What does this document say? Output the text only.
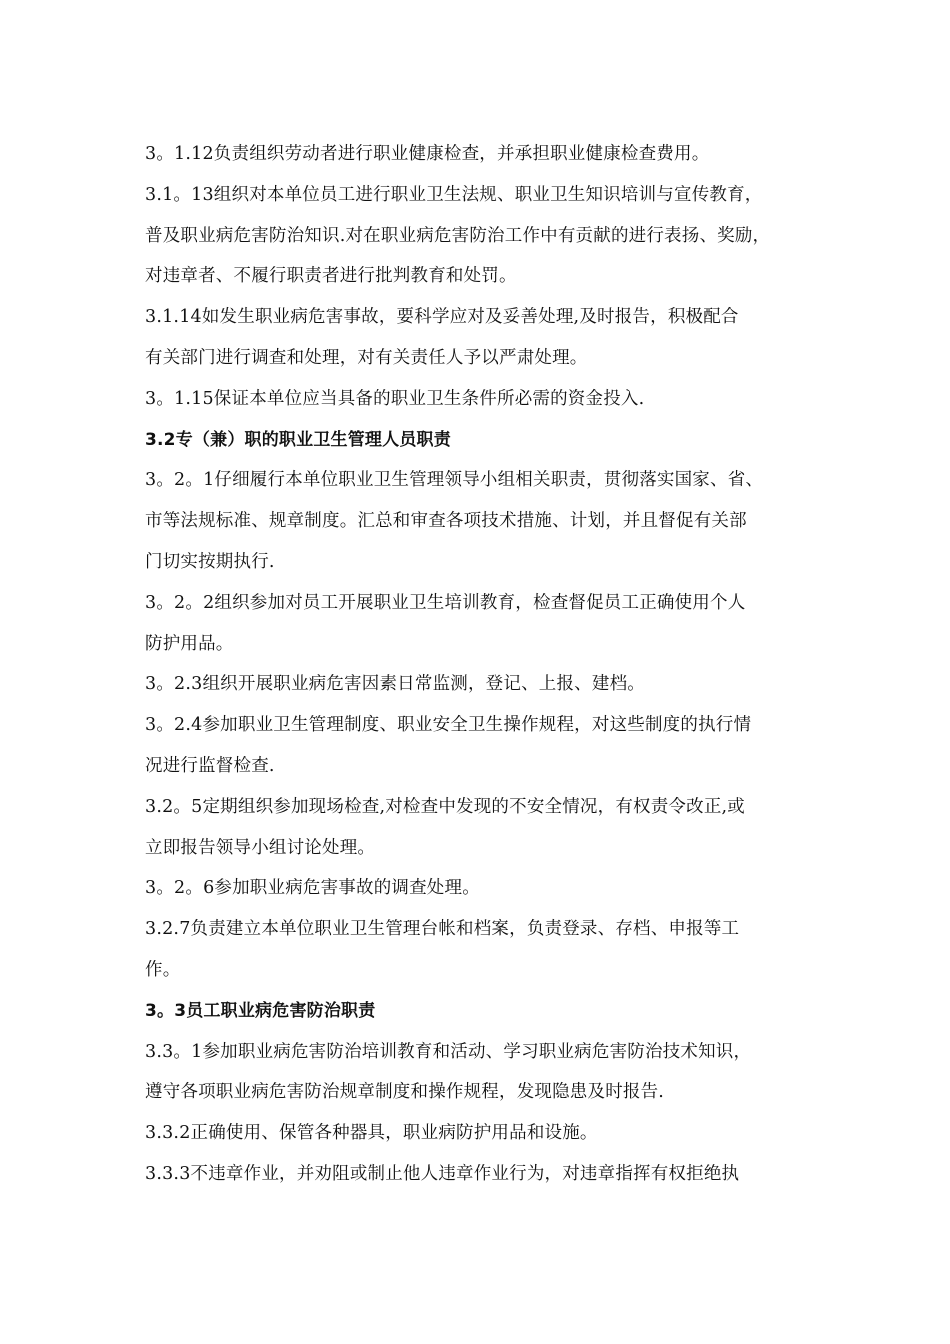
3。1.12负责组织劳动者进行职业健康检查，并承担职业健康检查费用。
3.1。13组织对本单位员工进行职业卫生法规、职业卫生知识培训与宣传教育，
普及职业病危害防治知识.对在职业病危害防治工作中有贡献的进行表扬、奖励，
对违章者、不履行职责者进行批判教育和处罚。
3.1.14如发生职业病危害事故，要科学应对及妥善处理,及时报告，积极配合
有关部门进行调查和处理，对有关责任人予以严肃处理。
3。1.15保证本单位应当具备的职业卫生条件所必需的资金投入.
3.2专（兼）职的职业卫生管理人员职责
3。2。1仔细履行本单位职业卫生管理领导小组相关职责，贯彻落实国家、省、
市等法规标准、规章制度。汇总和审查各项技术措施、计划，并且督促有关部
门切实按期执行.
3。2。2组织参加对员工开展职业卫生培训教育，检查督促员工正确使用个人
防护用品。
3。2.3组织开展职业病危害因素日常监测，登记、上报、建档。
3。2.4参加职业卫生管理制度、职业安全卫生操作规程，对这些制度的执行情
况进行监督检查.
3.2。5定期组织参加现场检查,对检查中发现的不安全情况，有权责令改正,或
立即报告领导小组讨论处理。
3。2。6参加职业病危害事故的调查处理。
3.2.7负责建立本单位职业卫生管理台帐和档案，负责登录、存档、申报等工
作。
3。3员工职业病危害防治职责
3.3。1参加职业病危害防治培训教育和活动、学习职业病危害防治技术知识，
遵守各项职业病危害防治规章制度和操作规程，发现隐患及时报告.
3.3.2正确使用、保管各种器具，职业病防护用品和设施。
3.3.3不违章作业，并劝阻或制止他人违章作业行为，对违章指挥有权拒绝执
